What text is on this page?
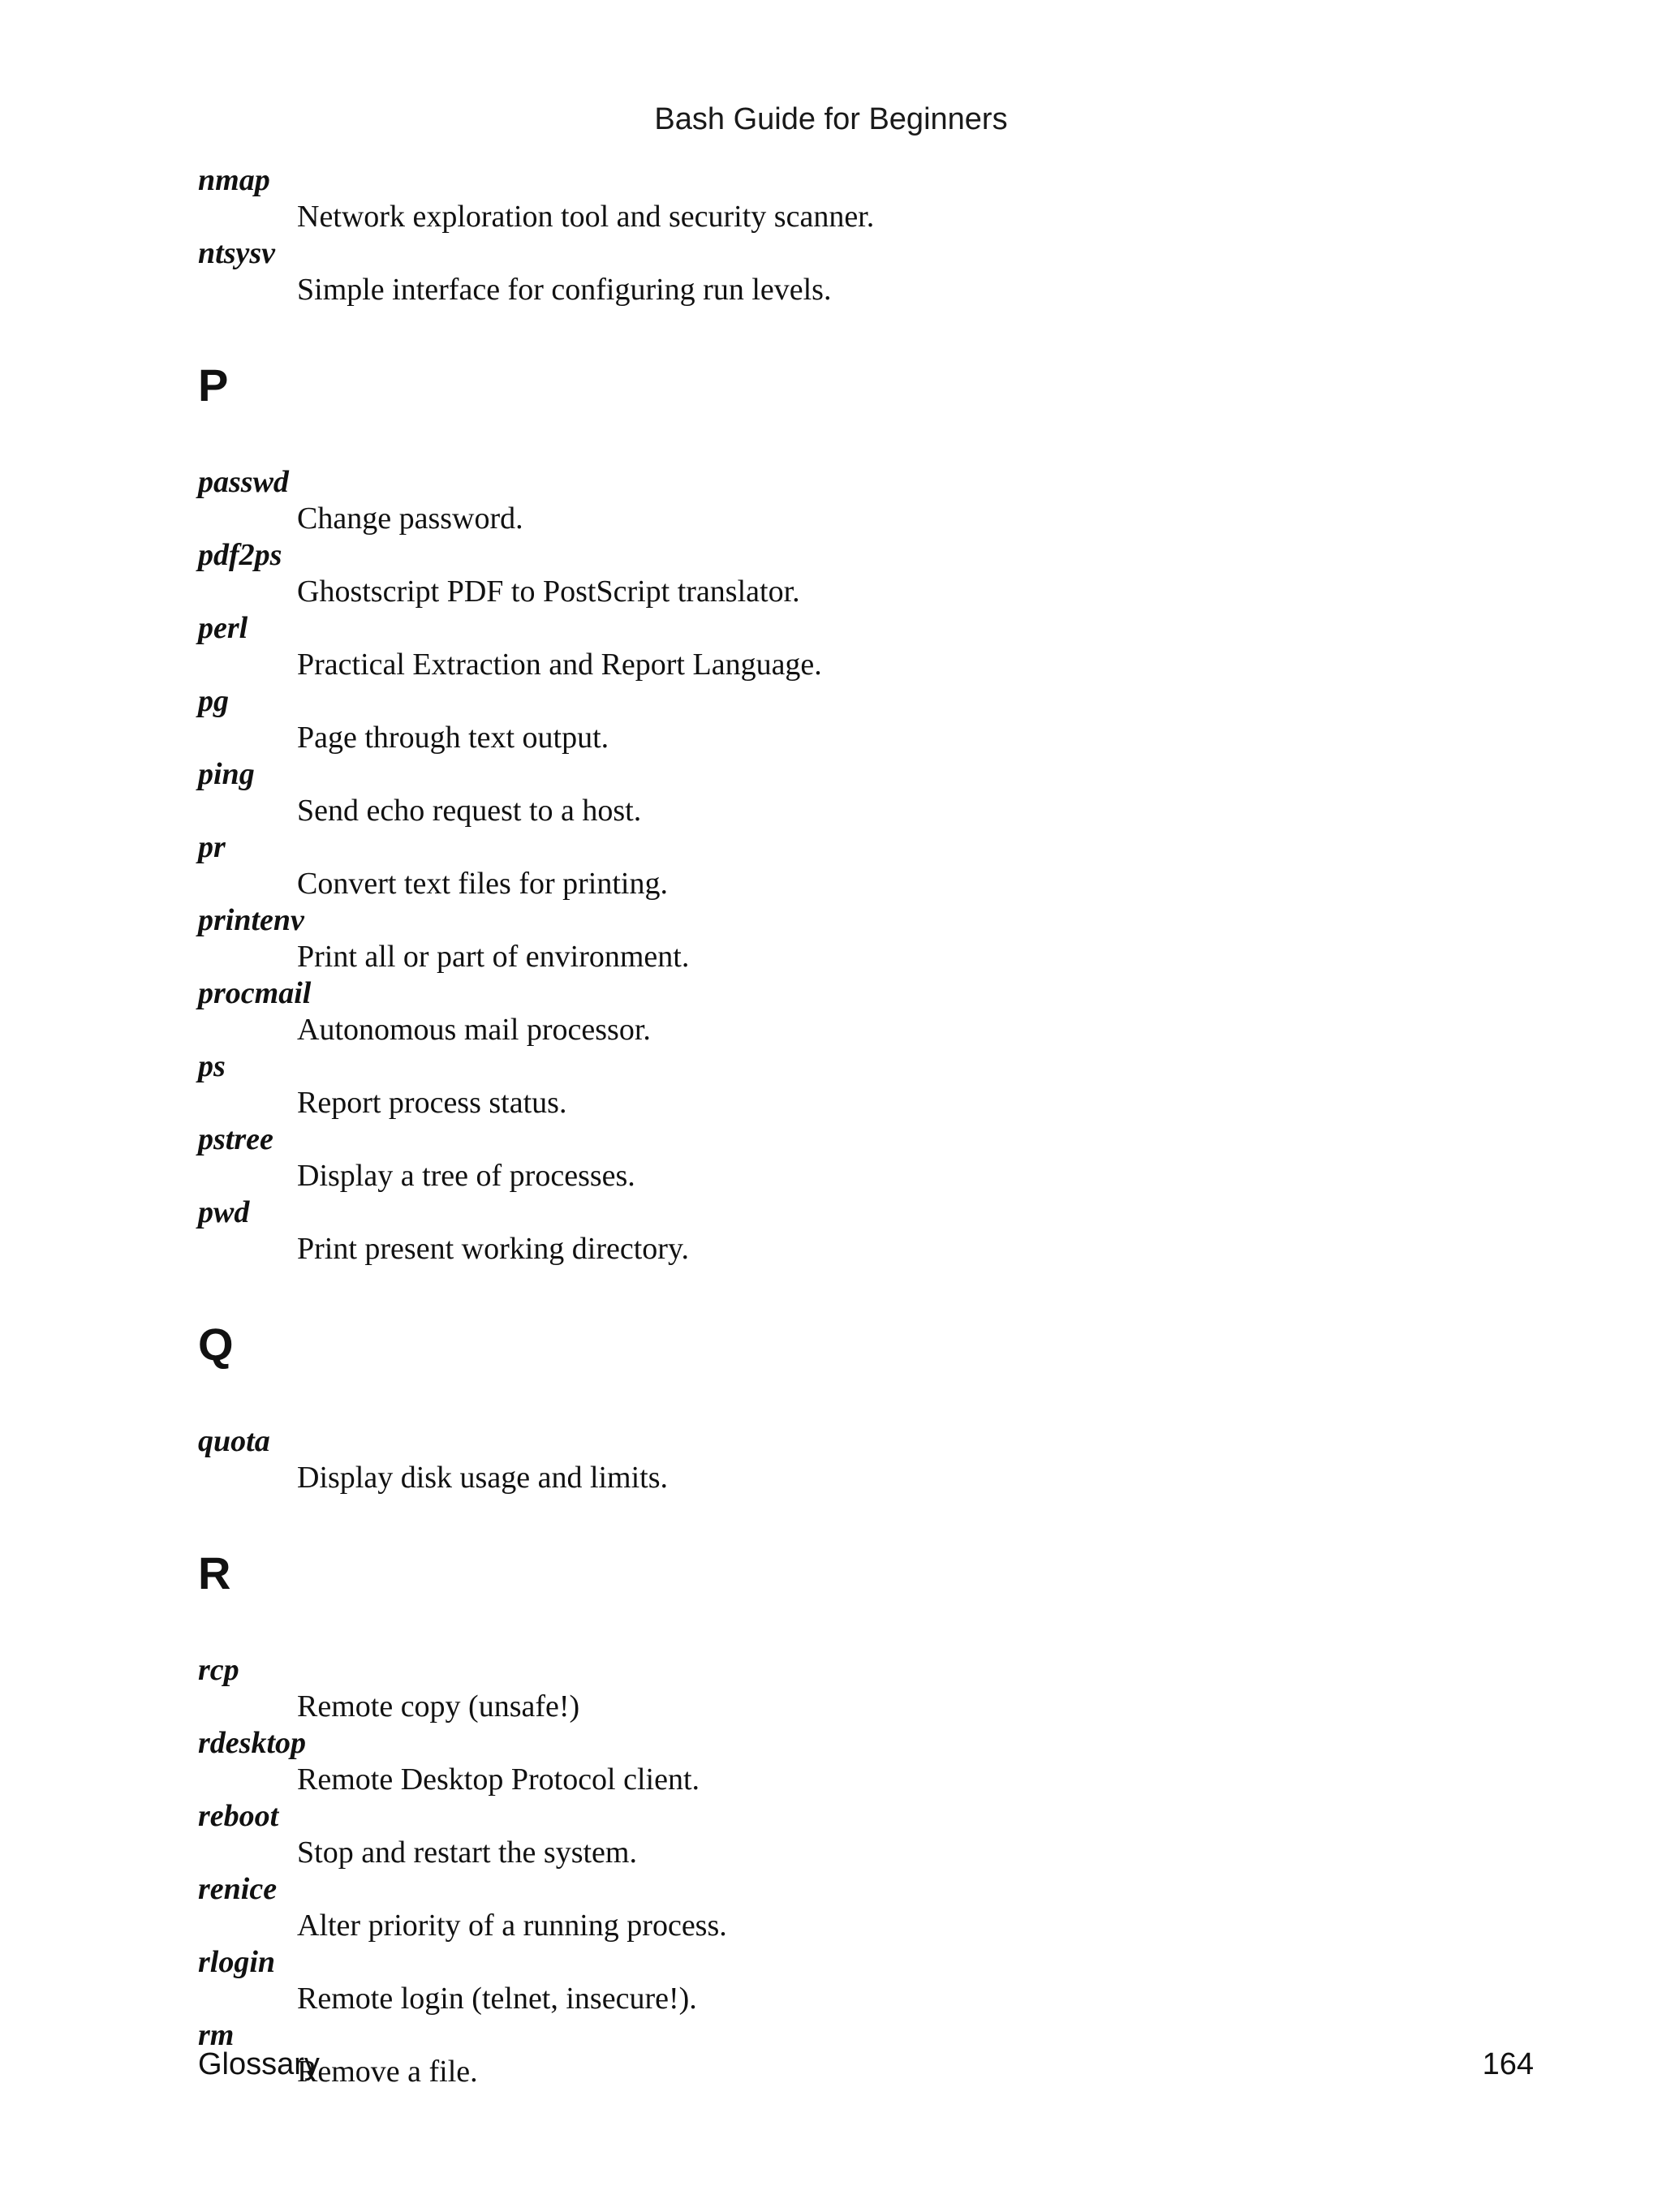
Bash Guide for Beginners

nmap

Network exploration tool and security scanner.

ntsysv

Simple interface for configuring run levels.

P

passwd

Change password.

pdf2ps

Ghostscript PDF to PostScript translator.

perl

Practical Extraction and Report Language.

pg

Page through text output.

ping

Send echo request to a host.

pr

Convert text files for printing.

printenv

Print all or part of environment.

procmail

Autonomous mail processor.

ps

Report process status.

pstree

Display a tree of processes.

pwd

Print present working directory.

Q

quota

Display disk usage and limits.

R

rcp

Remote copy (unsafe!)

rdesktop

Remote Desktop Protocol client.

reboot

Stop and restart the system.

renice

Alter priority of a running process.

rlogin

Remote login (telnet, insecure!).

rm

Remove a file.

Glossary	164
